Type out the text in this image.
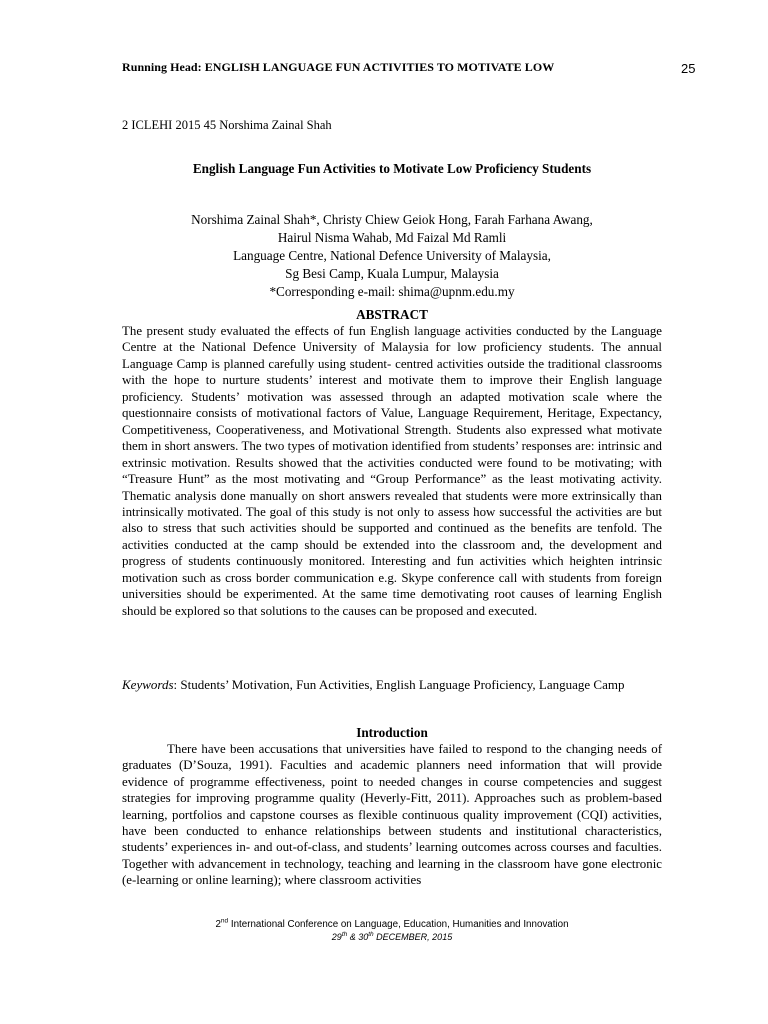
Running Head: ENGLISH LANGUAGE FUN ACTIVITIES TO MOTIVATE LOW	25
2 ICLEHI 2015 45 Norshima Zainal Shah
English Language Fun Activities to Motivate Low Proficiency Students
Norshima Zainal Shah*, Christy Chiew Geiok Hong, Farah Farhana Awang,
Hairul Nisma Wahab, Md Faizal Md Ramli
Language Centre, National Defence University of Malaysia,
Sg Besi Camp, Kuala Lumpur, Malaysia
*Corresponding e-mail: shima@upnm.edu.my
ABSTRACT
The present study evaluated the effects of fun English language activities conducted by the Language Centre at the National Defence University of Malaysia for low proficiency students. The annual Language Camp is planned carefully using student- centred activities outside the traditional classrooms with the hope to nurture students’ interest and motivate them to improve their English language proficiency. Students’ motivation was assessed through an adapted motivation scale where the questionnaire consists of motivational factors of Value, Language Requirement, Heritage, Expectancy, Competitiveness, Cooperativeness, and Motivational Strength. Students also expressed what motivate them in short answers. The two types of motivation identified from students’ responses are: intrinsic and extrinsic motivation. Results showed that the activities conducted were found to be motivating; with “Treasure Hunt” as the most motivating and “Group Performance” as the least motivating activity. Thematic analysis done manually on short answers revealed that students were more extrinsically than intrinsically motivated. The goal of this study is not only to assess how successful the activities are but also to stress that such activities should be supported and continued as the benefits are tenfold. The activities conducted at the camp should be extended into the classroom and, the development and progress of students continuously monitored. Interesting and fun activities which heighten intrinsic motivation such as cross border communication e.g. Skype conference call with students from foreign universities should be experimented. At the same time demotivating root causes of learning English should be explored so that solutions to the causes can be proposed and executed.
Keywords: Students’ Motivation, Fun Activities, English Language Proficiency, Language Camp
Introduction
There have been accusations that universities have failed to respond to the changing needs of graduates (D’Souza, 1991). Faculties and academic planners need information that will provide evidence of programme effectiveness, point to needed changes in course competencies and suggest strategies for improving programme quality (Heverly-Fitt, 2011). Approaches such as problem-based learning, portfolios and capstone courses as flexible continuous quality improvement (CQI) activities, have been conducted to enhance relationships between students and institutional characteristics, students’ experiences in- and out-of-class, and students’ learning outcomes across courses and faculties. Together with advancement in technology, teaching and learning in the classroom have gone electronic (e-learning or online learning); where classroom activities
2nd International Conference on Language, Education, Humanities and Innovation
29th & 30th DECEMBER, 2015
